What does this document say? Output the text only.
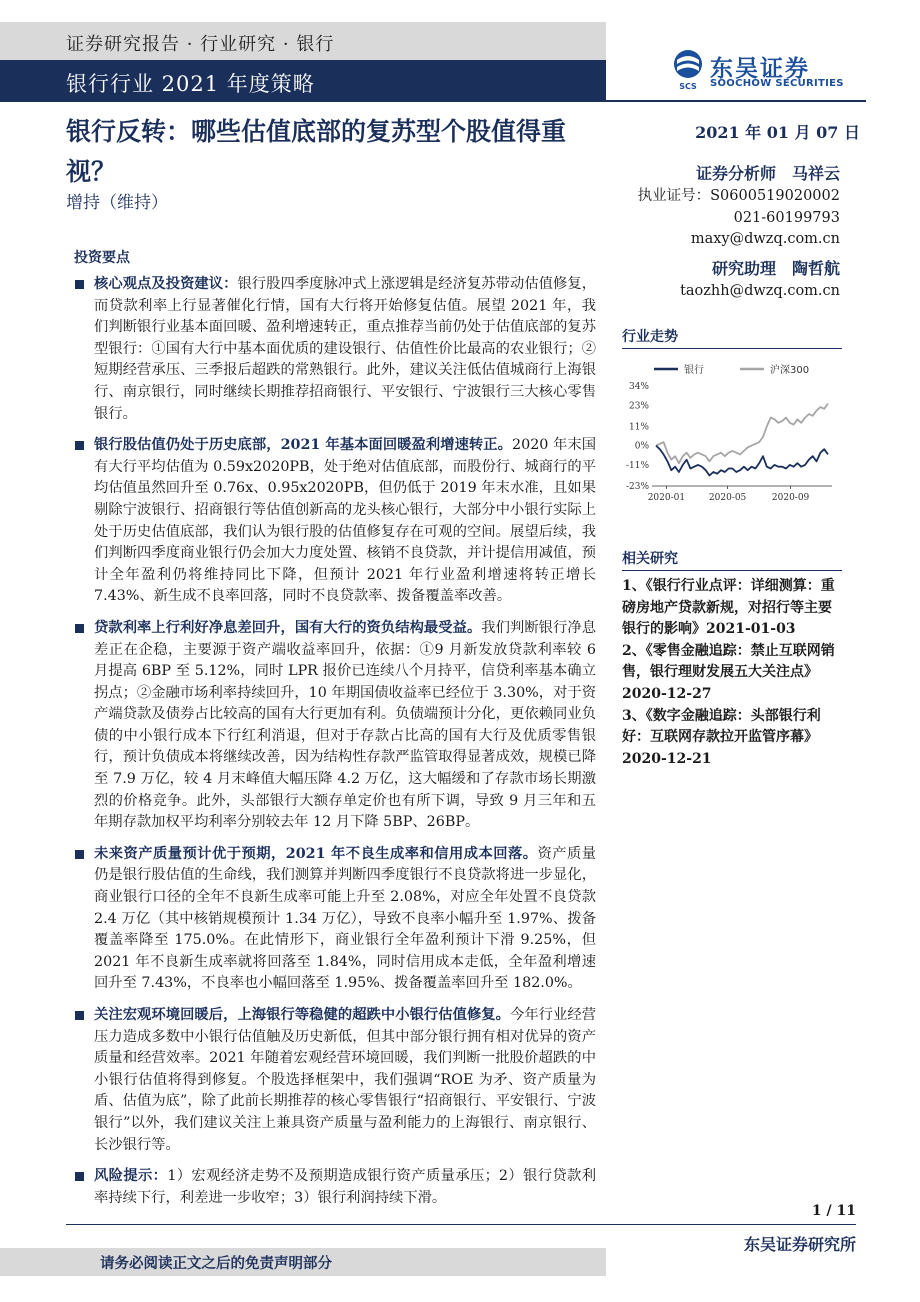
证券研究报告 · 行业研究 · 银行
银行行业 2021 年度策略	SCS
东吴证券
SOOCHOW SECURITIES
银行反转：哪些估值底部的复苏型个股值得重视？
增持（维持）
2021 年 01 月 07 日
证券分析师　马祥云
执业证号：S0600519020002
021-60199793
maxy@dwzq.com.cn
研究助理　陶哲航
taozhh@dwzq.com.cn
投资要点
核心观点及投资建议：银行股四季度脉冲式上涨逻辑是经济复苏带动估值修复，而贷款利率上行显著催化行情，国有大行将开始修复估值。展望 2021 年，我们判断银行业基本面回暖、盈利增速转正，重点推荐当前仍处于估值底部的复苏型银行：①国有大行中基本面优质的建设银行、估值性价比最高的农业银行；②短期经营承压、三季报后超跌的常熟银行。此外，建议关注低估值城商行上海银行、南京银行，同时继续长期推荐招商银行、平安银行、宁波银行三大核心零售银行。
银行股估值仍处于历史底部，2021 年基本面回暖盈利增速转正。2020 年末国有大行平均估值为 0.59x2020PB，处于绝对估值底部，而股份行、城商行的平均估值虽然回升至 0.76x、0.95x2020PB，但仍低于 2019 年末水准，且如果剔除宁波银行、招商银行等估值创新高的龙头核心银行，大部分中小银行实际上处于历史估值底部，我们认为银行股的估值修复存在可观的空间。展望后续，我们判断四季度商业银行仍会加大力度处置、核销不良贷款，并计提信用减值，预计全年盈利仍将维持同比下降，但预计 2021 年行业盈利增速将转正增长 7.43%、新生成不良率回落，同时不良贷款率、拨备覆盖率改善。
贷款利率上行利好净息差回升，国有大行的资负结构最受益。我们判断银行净息差正在企稳，主要源于资产端收益率回升，依据：①9 月新发放贷款利率较 6 月提高 6BP 至 5.12%，同时 LPR 报价已连续八个月持平，信贷利率基本确立拐点；②金融市场利率持续回升，10 年期国债收益率已经位于 3.30%，对于资产端贷款及债券占比较高的国有大行更加有利。负债端预计分化，更依赖同业负债的中小银行成本下行红利消退，但对于存款占比高的国有大行及优质零售银行，预计负债成本将继续改善，因为结构性存款严监管取得显著成效，规模已降至 7.9 万亿，较 4 月末峰值大幅压降 4.2 万亿，这大幅缓和了存款市场长期激烈的价格竞争。此外，头部银行大额存单定价也有所下调，导致 9 月三年和五年期存款加权平均利率分别较去年 12 月下降 5BP、26BP。
未来资产质量预计优于预期，2021 年不良生成率和信用成本回落。资产质量仍是银行股估值的生命线，我们测算并判断四季度银行不良贷款将进一步显化，商业银行口径的全年不良新生成率可能上升至 2.08%，对应全年处置不良贷款 2.4 万亿（其中核销规模预计 1.34 万亿），导致不良率小幅升至 1.97%、拨备覆盖率降至 175.0%。在此情形下，商业银行全年盈利预计下滑 9.25%，但 2021 年不良新生成率就将回落至 1.84%，同时信用成本走低，全年盈利增速回升至 7.43%，不良率也小幅回落至 1.95%、拨备覆盖率回升至 182.0%。
关注宏观环境回暖后，上海银行等稳健的超跌中小银行估值修复。今年行业经营压力造成多数中小银行估值触及历史新低，但其中部分银行拥有相对优异的资产质量和经营效率。2021 年随着宏观经营环境回暖，我们判断一批股价超跌的中小银行估值将得到修复。个股选择框架中，我们强调“ROE 为矛、资产质量为盾、估值为底”，除了此前长期推荐的核心零售银行“招商银行、平安银行、宁波银行”以外，我们建议关注上兼具资产质量与盈利能力的上海银行、南京银行、长沙银行等。
风险提示：1）宏观经济走势不及预期造成银行资产质量承压；2）银行贷款利率持续下行，利差进一步收窄；3）银行利润持续下滑。
行业走势
银行	沪深300
34%
23%
11%
0%
-11%
-23%
2020-01	2020-05	2020-09
相关研究
1、《银行行业点评：详细测算：重磅房地产贷款新规，对招行等主要银行的影响》2021-01-03
2、《零售金融追踪：禁止互联网销售，银行理财发展五大关注点》2020-12-27
3、《数字金融追踪：头部银行利好：互联网存款拉开监管序幕》2020-12-21
1 / 11
东吴证券研究所
请务必阅读正文之后的免责声明部分
